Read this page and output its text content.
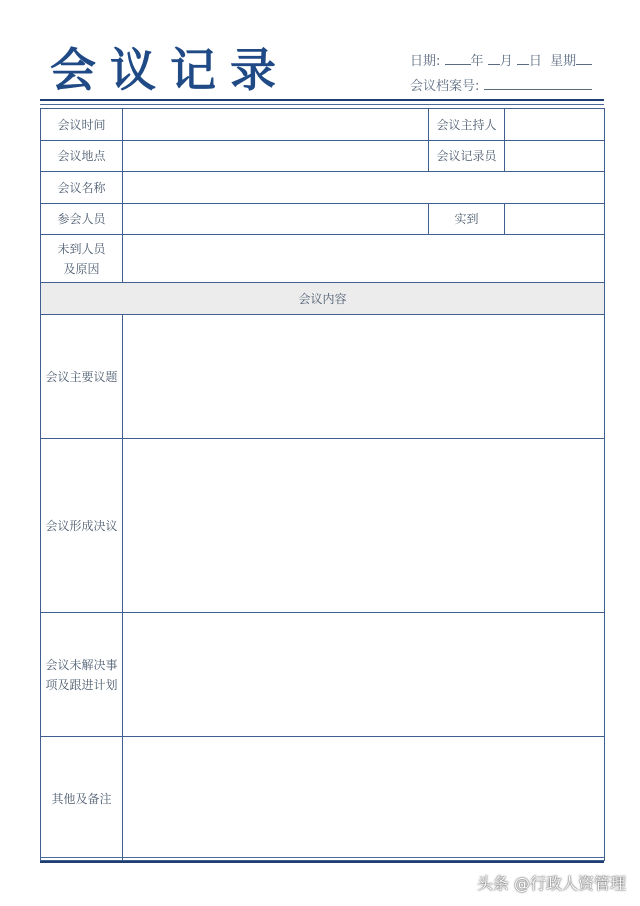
会议记录	日期: 年 月 日 星期
会议档案号:
会议时间		会议主持人	
会议地点		会议记录员	
会议名称			
参会人员		实到	

未到人员
及原因			

会议内容			
会议主要议题			
会议形成决议			

会议未解决事
项及跟进计划			

其他及备注			
头条 @行政人资管理
